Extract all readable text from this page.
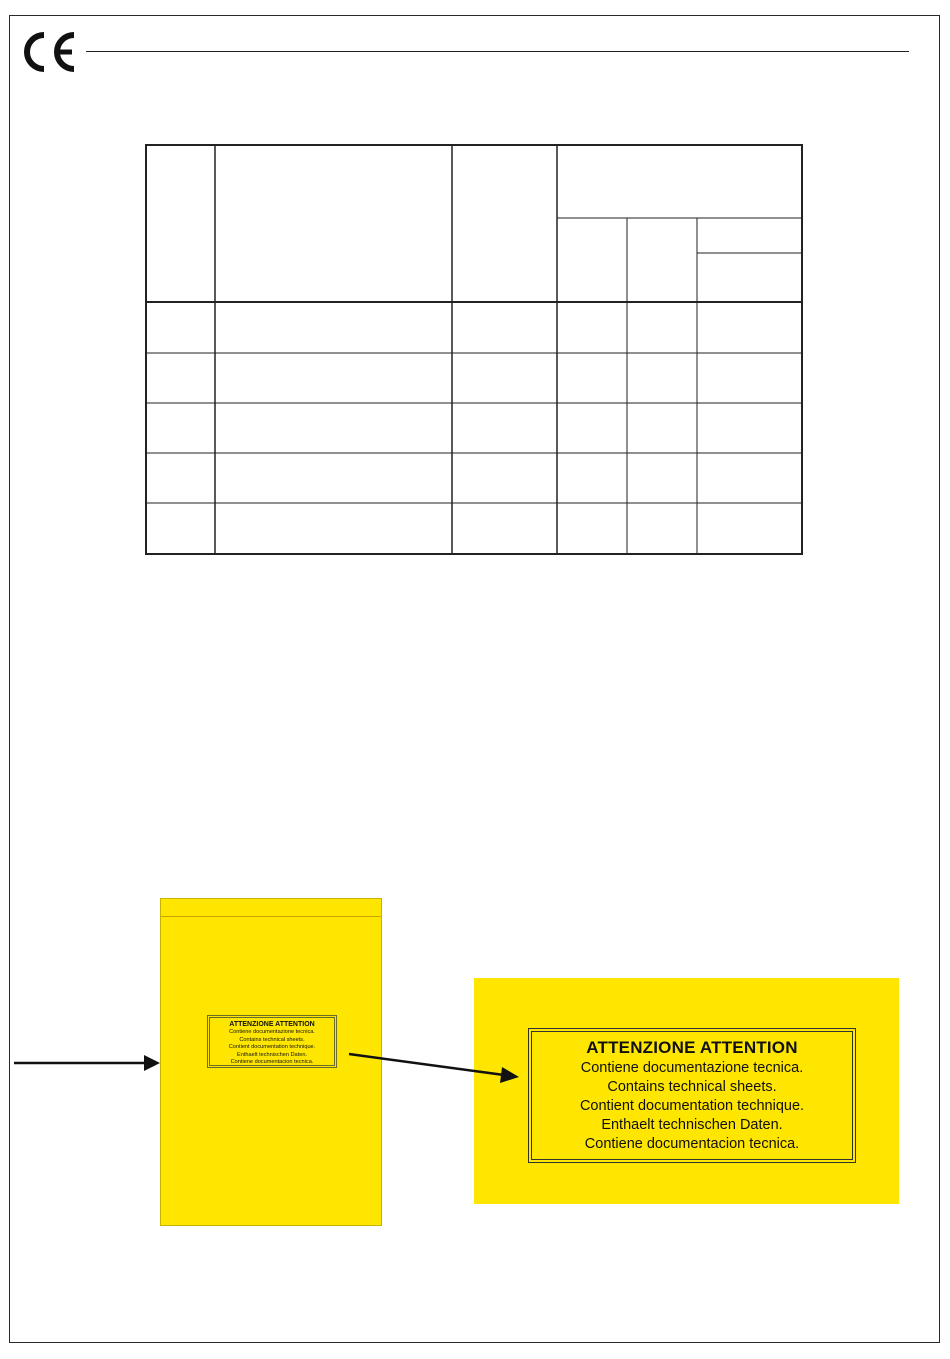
ATTENZIONE ATTENTION
Contiene documentazione tecnica.
Contains technical sheets.
Contient documentation technique.
Enthaelt technischen Daten.
Contiene documentacion tecnica.
ATTENZIONE ATTENTION
Contiene documentazione tecnica.
Contains technical sheets.
Contient documentation technique.
Enthaelt technischen Daten.
Contiene documentacion tecnica.
